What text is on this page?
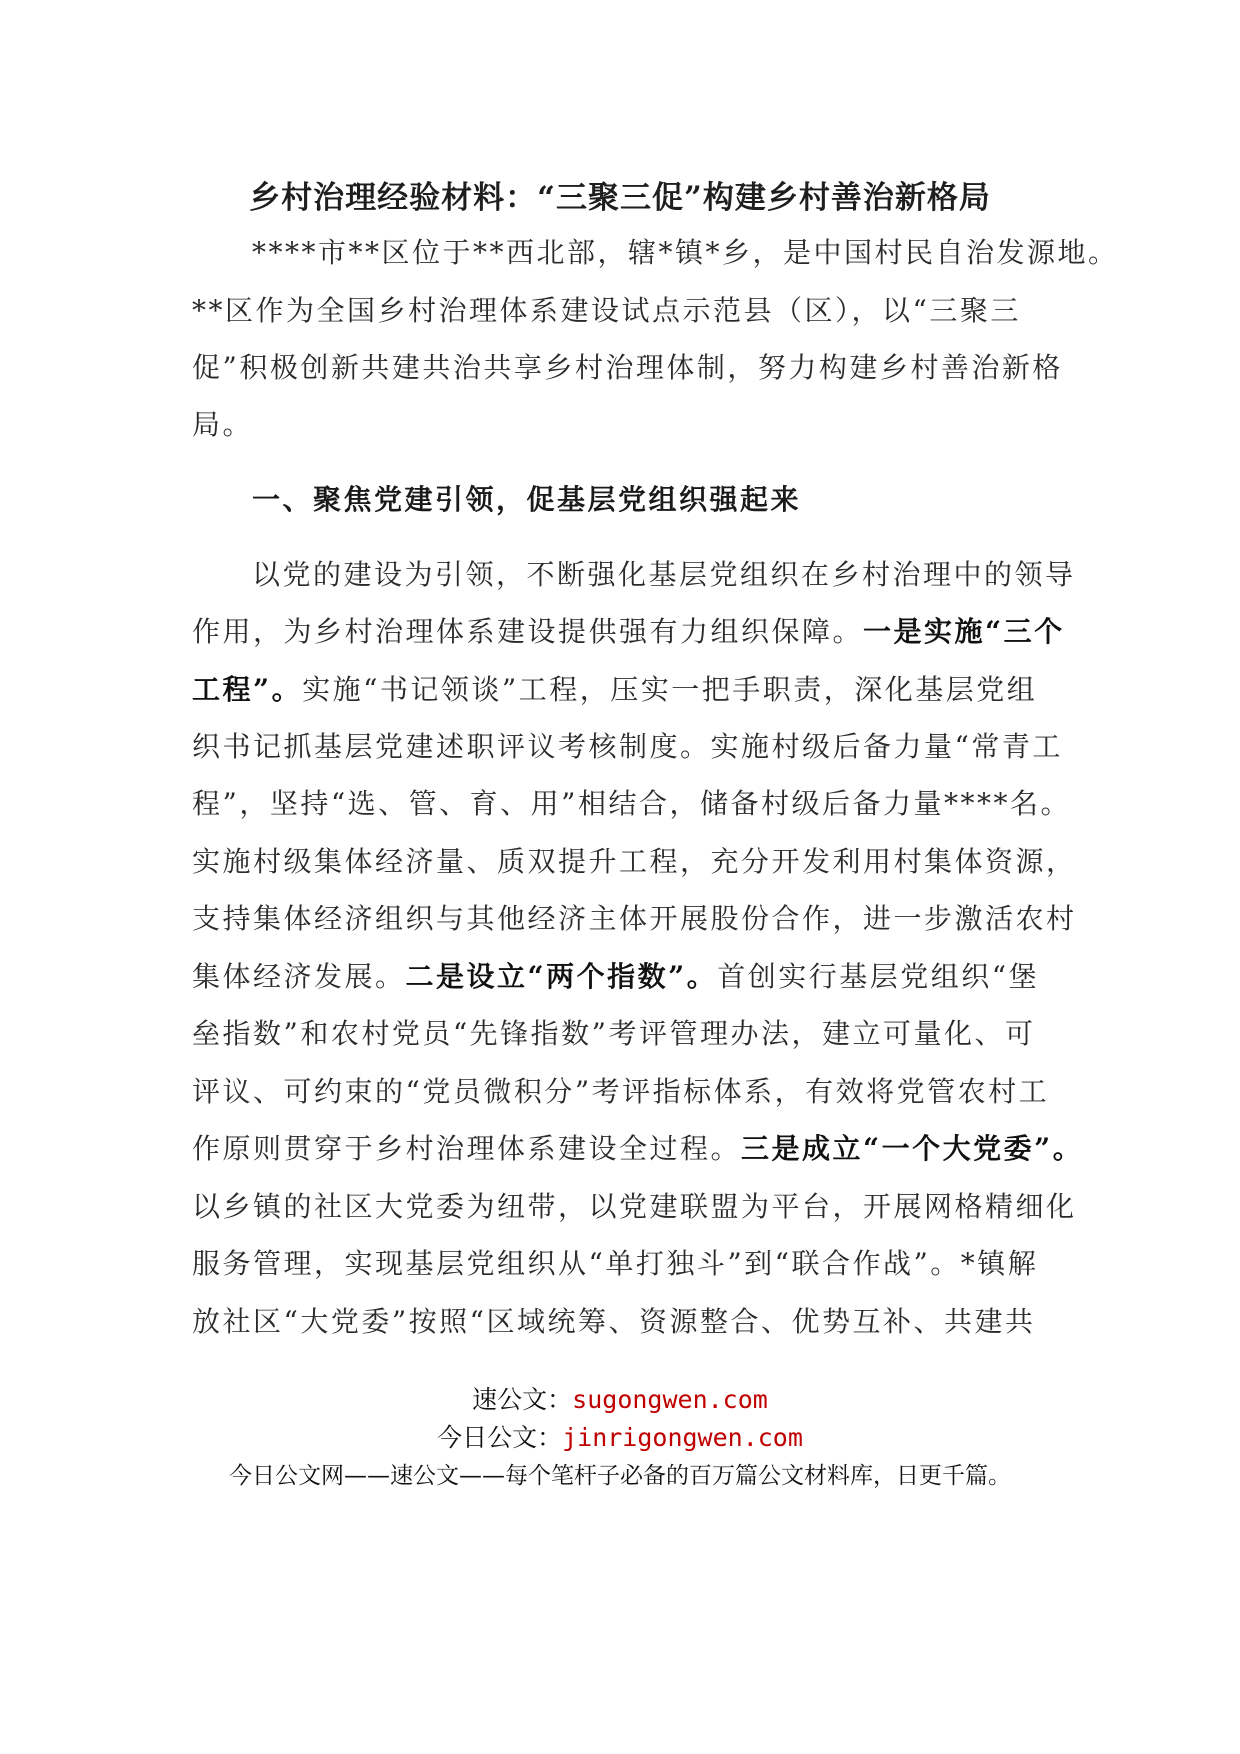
乡村治理经验材料：“三聚三促”构建乡村善治新格局
****市**区位于**西北部，辖*镇*乡，是中国村民自治发源地。
**区作为全国乡村治理体系建设试点示范县（区），以“三聚三
促”积极创新共建共治共享乡村治理体制，努力构建乡村善治新格
局。
一、聚焦党建引领，促基层党组织强起来
以党的建设为引领，不断强化基层党组织在乡村治理中的领导
作用，为乡村治理体系建设提供强有力组织保障。一是实施“三个
工程”。实施“书记领谈”工程，压实一把手职责，深化基层党组
织书记抓基层党建述职评议考核制度。实施村级后备力量“常青工
程”，坚持“选、管、育、用”相结合，储备村级后备力量****名。
实施村级集体经济量、质双提升工程，充分开发利用村集体资源，
支持集体经济组织与其他经济主体开展股份合作，进一步激活农村
集体经济发展。二是设立“两个指数”。首创实行基层党组织“堡
垒指数”和农村党员“先锋指数”考评管理办法，建立可量化、可
评议、可约束的“党员微积分”考评指标体系，有效将党管农村工
作原则贯穿于乡村治理体系建设全过程。三是成立“一个大党委”。
以乡镇的社区大党委为纽带，以党建联盟为平台，开展网格精细化
服务管理，实现基层党组织从“单打独斗”到“联合作战”。*镇解
放社区“大党委”按照“区域统筹、资源整合、优势互补、共建共
速公文：sugongwen.com
今日公文：jinrigongwen.com
今日公文网——速公文——每个笔杆子必备的百万篇公文材料库，日更千篇。
